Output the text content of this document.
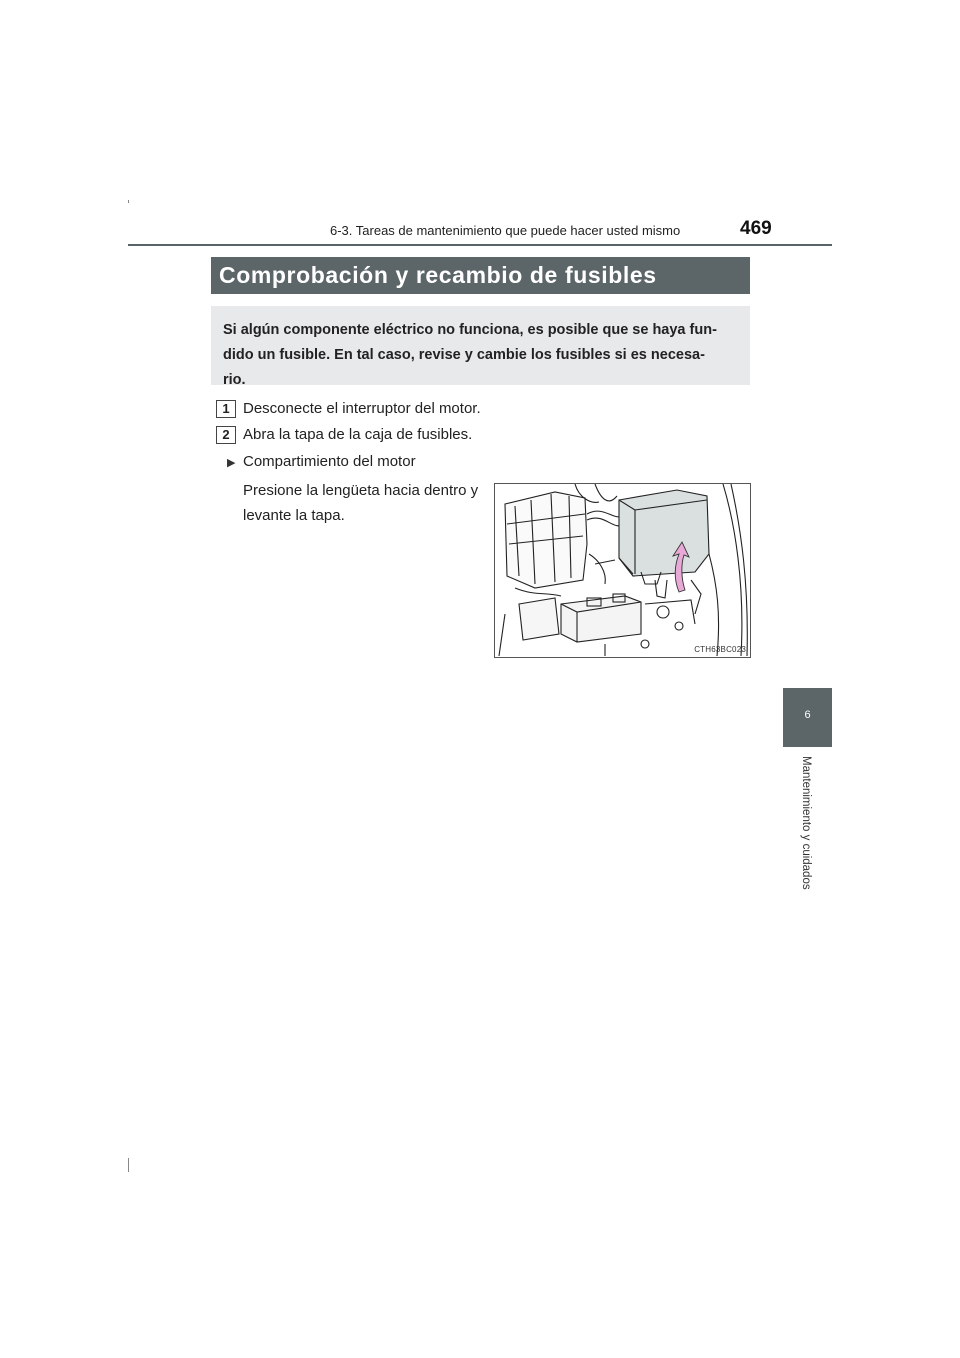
6-3. Tareas de mantenimiento que puede hacer usted mismo	469
Comprobación y recambio de fusibles

Si algún componente eléctrico no funciona, es posible que se haya fun-
dido un fusible. En tal caso, revise y cambie los fusibles si es necesa-
rio.

1 Desconecte el interruptor del motor.
2 Abra la tapa de la caja de fusibles.
▶ Compartimiento del motor
Presione la lengüeta hacia dentro y
levante la tapa.
CTH63BC023
6
Mantenimiento y cuidados
